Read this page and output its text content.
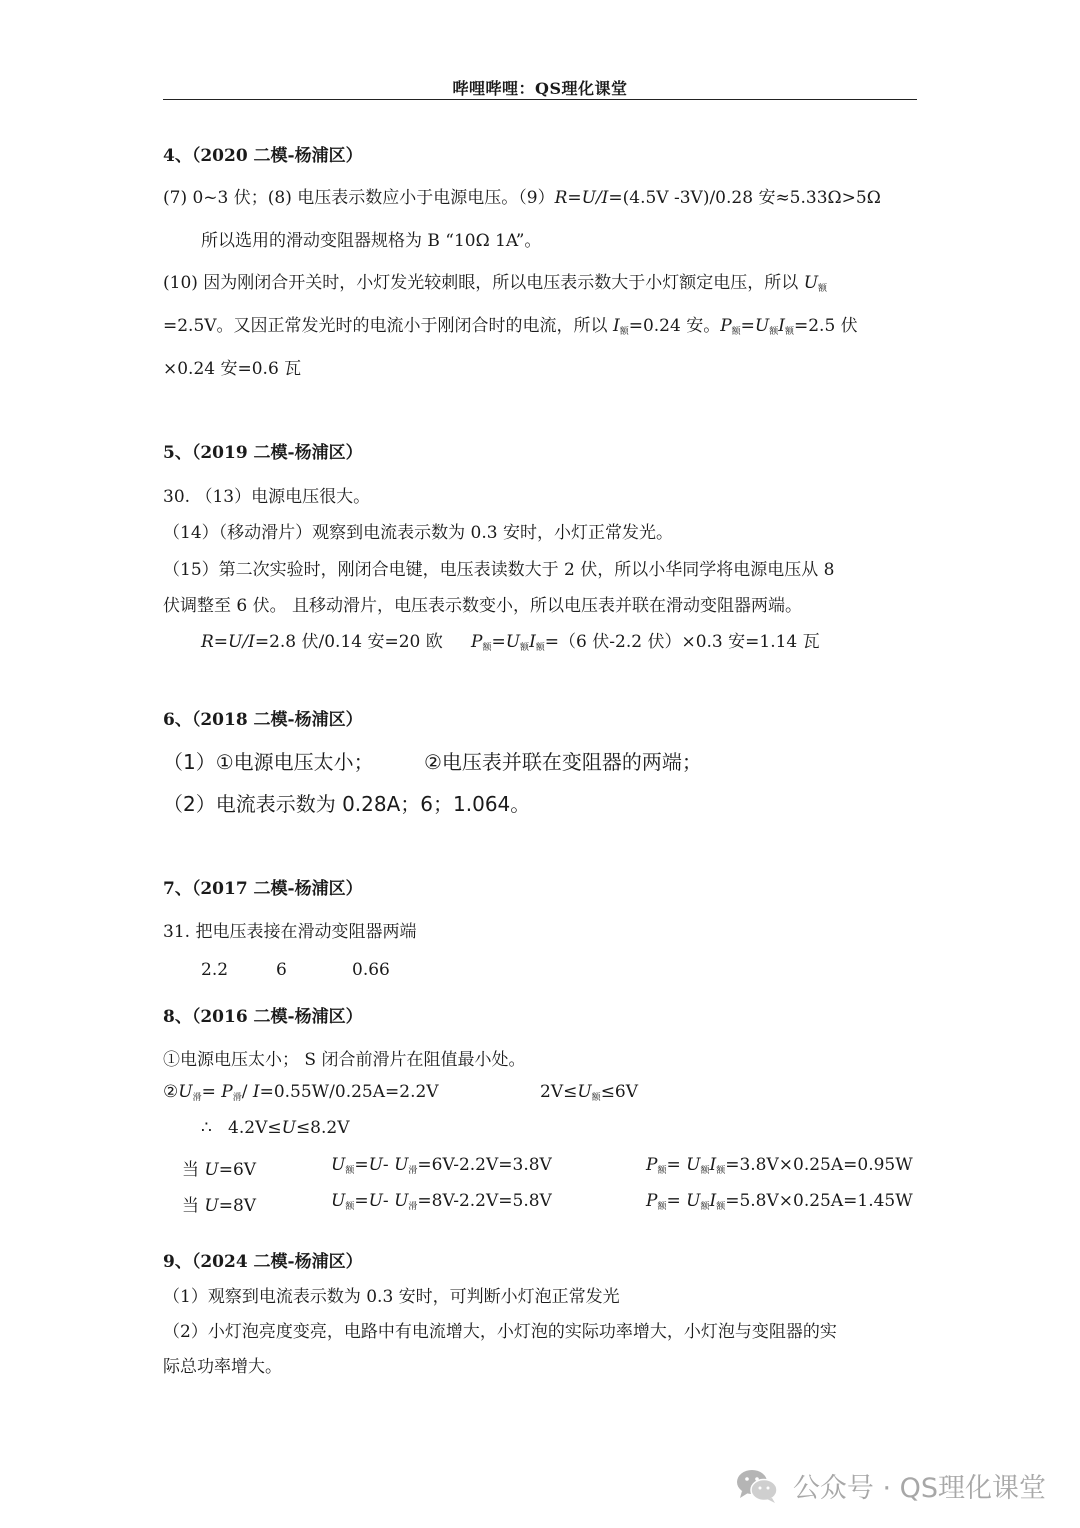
哔哩哔哩：QS理化课堂
4、（2020 二模-杨浦区）
(7) 0~3 伏；(8) 电压表示数应小于电源电压。（9）R=U/I=(4.5V -3V)/0.28 安≈5.33Ω>5Ω
所以选用的滑动变阻器规格为 B “10Ω 1A”。
(10) 因为刚闭合开关时，小灯发光较刺眼，所以电压表示数大于小灯额定电压，所以 $U_额$
=2.5V。又因正常发光时的电流小于刚闭合时的电流，所以 $I_额=0.24$ 安。$P_额=U_额I_额=2.5$ 伏
×0.24 安=0.6 瓦
5、（2019 二模-杨浦区）
30. （13）电源电压很大。
（14）（移动滑片）观察到电流表示数为 0.3 安时，小灯正常发光。
（15）第二次实验时，刚闭合电键，电压表读数大于 2 伏，所以小华同学将电源电压从 8
伏调整至 6 伏。 且移动滑片，电压表示数变小，所以电压表并联在滑动变阻器两端。
R=U/I=2.8 伏/0.14 安=20 欧 $P_额=U_额I_额=(6$ 伏-2.2 伏）×0.3 安=1.14 瓦
6、（2018 二模-杨浦区）
（1）①电源电压太小；	②电压表并联在变阻器的两端；
（2）电流表示数为 0.28A；6；1.064。
7、（2017 二模-杨浦区）
31. 把电压表接在滑动变阻器两端
2.2	6	0.66
8、（2016 二模-杨浦区）
①电源电压太小； S 闭合前滑片在阻值最小处。
$②U_滑= P_滑/$ I=0.55W/0.25A=2.2V	$2V\le U_额\le 6V$
∴ 4.2V≤U≤8.2V
当 U=6V	$U_额=U-$ $U_滑=6V-2.2V=3.8V$	$P_额= U_额I_额=3.8V\times 0.25A=0.95W$
当 U=8V	$U_额=U-$ $U_滑=8V-2.2V=5.8V$	$P_额= U_额I_额=5.8V\times 0.25A=1.45W$
9、（2024 二模-杨浦区）
（1）观察到电流表示数为 0.3 安时，可判断小灯泡正常发光
（2）小灯泡亮度变亮，电路中有电流增大，小灯泡的实际功率增大，小灯泡与变阻器的实
际总功率增大。
公众号 · QS理化课堂
